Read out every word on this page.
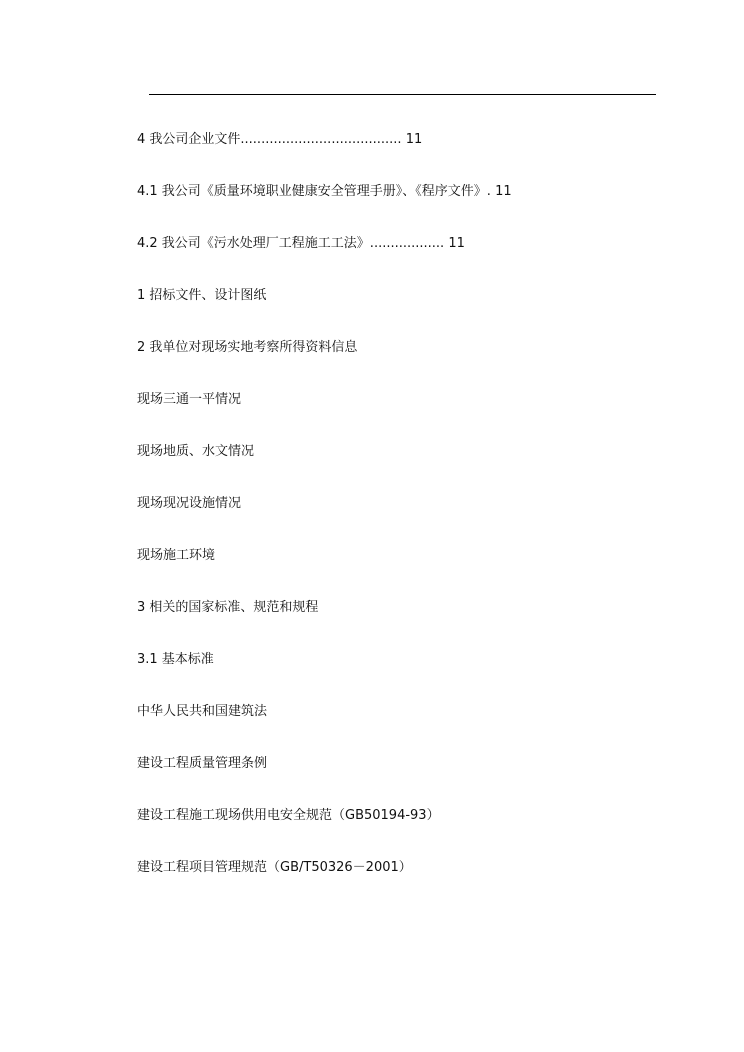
4 我公司企业文件....................................... 11
4.1 我公司《质量环境职业健康安全管理手册》、《程序文件》. 11
4.2 我公司《污水处理厂工程施工工法》.................. 11
1 招标文件、设计图纸
2 我单位对现场实地考察所得资料信息
现场三通一平情况
现场地质、水文情况
现场现况设施情况
现场施工环境
3 相关的国家标准、规范和规程
3.1 基本标准
中华人民共和国建筑法
建设工程质量管理条例
建设工程施工现场供用电安全规范（GB50194-93）
建设工程项目管理规范（GB/T50326－2001）
